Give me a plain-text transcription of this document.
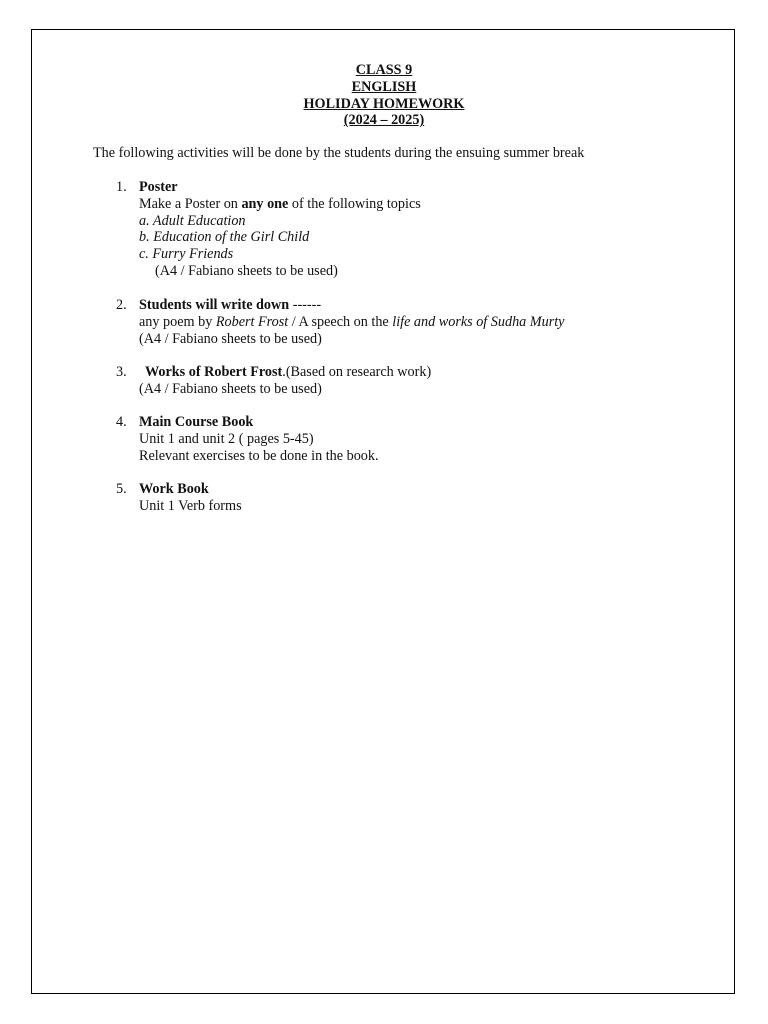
CLASS 9
ENGLISH
HOLIDAY HOMEWORK
(2024 – 2025)
The following activities will be done by the students during the ensuing summer break
1. Poster
Make a Poster on any one of the following topics
a. Adult Education
b. Education of the Girl Child
c. Furry Friends
(A4 / Fabiano sheets to be used)
2. Students will write down ------
any poem by Robert Frost / A speech on the life and works of Sudha Murty
(A4 / Fabiano sheets to be used)
3. Works of Robert Frost.(Based on research work)
(A4 / Fabiano sheets to be used)
4. Main Course Book
Unit 1 and unit 2 ( pages 5-45)
Relevant exercises to be done in the book.
5. Work Book
Unit 1 Verb forms
